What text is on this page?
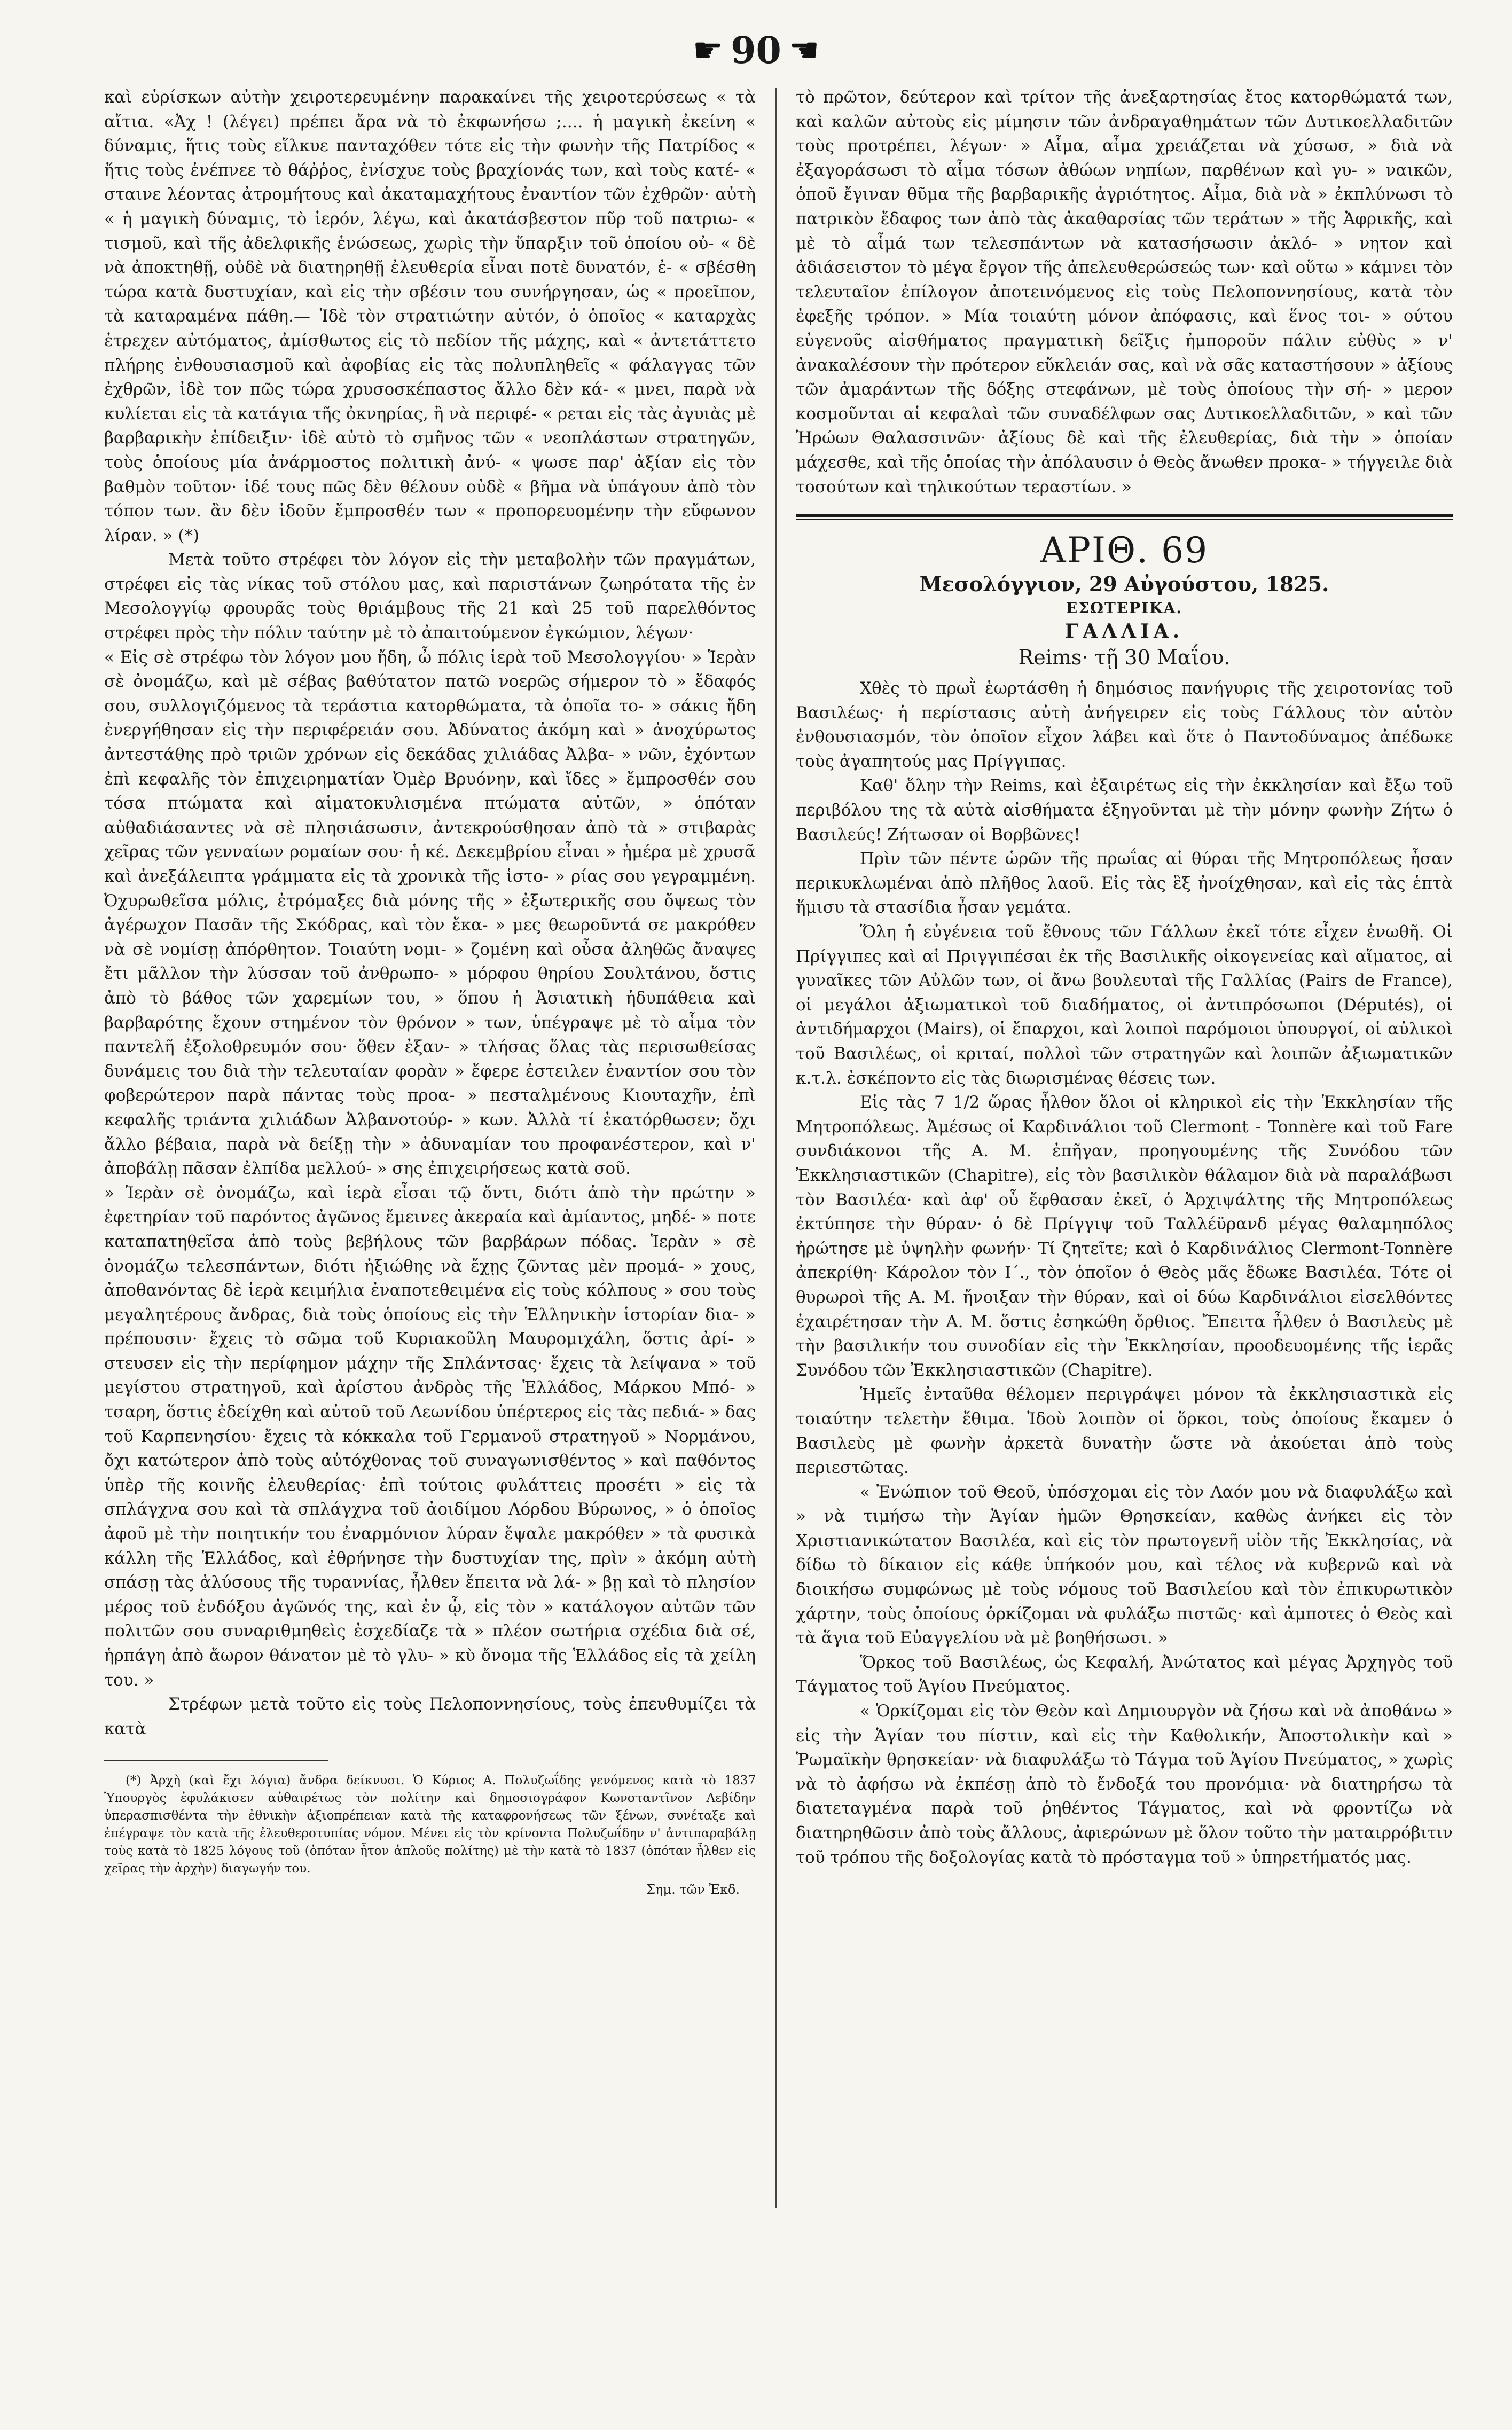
☛ 90 ☚

καὶ εὑρίσκων αὐτὴν χειροτερευμένην παρακαίνει τῆς χειροτερύσεως « τὰ αἴτια. «Ἀχ ! (λέγει) πρέπει ἄρα νὰ τὸ ἐκφωνήσω ;.... ἡ μαγικὴ ἐκείνη « δύναμις, ἥτις τοὺς εἵλκυε πανταχόθεν τότε εἰς τὴν φωνὴν τῆς Πατρίδος « ἥτις τοὺς ἐνέπνεε τὸ θάῤῥος, ἐνίσχυε τοὺς βραχίονάς των, καὶ τοὺς κατέ- « σταινε λέοντας ἀτρομήτους καὶ ἀκαταμαχήτους ἐναντίον τῶν ἐχθρῶν· αὐτὴ « ἡ μαγικὴ δύναμις, τὸ ἱερόν, λέγω, καὶ ἀκατάσβεστον πῦρ τοῦ πατριω- « τισμοῦ, καὶ τῆς ἀδελφικῆς ἑνώσεως, χωρὶς τὴν ὕπαρξιν τοῦ ὁποίου οὐ- « δὲ νὰ ἀποκτηθῇ, οὐδὲ νὰ διατηρηθῇ ἐλευθερία εἶναι ποτὲ δυνατόν, ἐ- « σβέσθη τώρα κατὰ δυστυχίαν, καὶ εἰς τὴν σβέσιν του συνήργησαν, ὡς « προεῖπον, τὰ καταραμένα πάθη.— Ἰδὲ τὸν στρατιώτην αὐτόν, ὁ ὁποῖος « καταρχὰς ἐτρεχεν αὐτόματος, ἀμίσθωτος εἰς τὸ πεδίον τῆς μάχης, καὶ « ἀντετάττετο πλήρης ἐνθουσιασμοῦ καὶ ἀφοβίας εἰς τὰς πολυπληθεῖς « φάλαγγας τῶν ἐχθρῶν, ἰδὲ τον πῶς τώρα χρυσοσκέπαστος ἄλλο δὲν κά- « μνει, παρὰ νὰ κυλίεται εἰς τὰ κατάγια τῆς ὀκνηρίας, ἢ νὰ περιφέ- « ρεται εἰς τὰς ἀγυιὰς μὲ βαρβαρικὴν ἐπίδειξιν· ἰδὲ αὐτὸ τὸ σμῆνος τῶν « νεοπλάστων στρατηγῶν, τοὺς ὁποίους μία ἀνάρμοστος πολιτικὴ ἀνύ- « ψωσε παρ' ἀξίαν εἰς τὸν βαθμὸν τοῦτον· ἰδέ τους πῶς δὲν θέλουν οὐδὲ « βῆμα νὰ ὑπάγουν ἀπὸ τὸν τόπον των. ἂν δὲν ἰδοῦν ἔμπροσθέν των « προπορευομένην τὴν εὔφωνον λίραν. » (*)

Μετὰ τοῦτο στρέφει τὸν λόγον εἰς τὴν μεταβολὴν τῶν πραγμάτων, στρέφει εἰς τὰς νίκας τοῦ στόλου μας, καὶ παριστάνων ζωηρότατα τῆς ἐν Μεσολογγίῳ φρουρᾶς τοὺς θριάμβους τῆς 21 καὶ 25 τοῦ παρελθόντος στρέφει πρὸς τὴν πόλιν ταύτην μὲ τὸ ἀπαιτούμενον ἐγκώμιον, λέγων·

« Εἰς σὲ στρέφω τὸν λόγον μου ἤδη, ὦ πόλις ἱερὰ τοῦ Μεσολογγίου· » Ἱερὰν σὲ ὀνομάζω, καὶ μὲ σέβας βαθύτατον πατῶ νοερῶς σήμερον τὸ » ἔδαφός σου, συλλογιζόμενος τὰ τεράστια κατορθώματα, τὰ ὁποῖα το- » σάκις ἤδη ἐνεργήθησαν εἰς τὴν περιφέρειάν σου. Ἀδύνατος ἀκόμη καὶ » ἀνοχύρωτος ἀντεστάθης πρὸ τριῶν χρόνων εἰς δεκάδας χιλιάδας Ἀλβα- » νῶν, ἐχόντων ἐπὶ κεφαλῆς τὸν ἐπιχειρηματίαν Ὀμὲρ Βρυόνην, καὶ ἴδες » ἔμπροσθέν σου τόσα πτώματα καὶ αἱματοκυλισμένα πτώματα αὐτῶν, » ὁπόταν αὐθαδιάσαντες νὰ σὲ πλησιάσωσιν, ἀντεκρούσθησαν ἀπὸ τὰ » στιβαρὰς χεῖρας τῶν γενναίων ρομαίων σου· ἡ κέ. Δεκεμβρίου εἶναι » ἡμέρα μὲ χρυσᾶ καὶ ἀνεξάλειπτα γράμματα εἰς τὰ χρονικὰ τῆς ἱστο- » ρίας σου γεγραμμένη. Ὀχυρωθεῖσα μόλις, ἐτρόμαξες διὰ μόνης τῆς » ἐξωτερικῆς σου ὄψεως τὸν ἀγέρωχον Πασᾶν τῆς Σκόδρας, καὶ τὸν ἔκα- » μες θεωροῦντά σε μακρόθεν νὰ σὲ νομίσῃ ἀπόρθητον. Τοιαύτη νομι- » ζομένη καὶ οὖσα ἀληθῶς ἄναψες ἔτι μᾶλλον τὴν λύσσαν τοῦ ἀνθρωπο- » μόρφου θηρίου Σουλτάνου, ὅστις ἀπὸ τὸ βάθος τῶν χαρεμίων του, » ὅπου ἡ Ἀσιατικὴ ἡδυπάθεια καὶ βαρβαρότης ἔχουν στημένον τὸν θρόνον » των, ὑπέγραψε μὲ τὸ αἷμα τὸν παντελῆ ἐξολοθρευμόν σου· ὅθεν ἐξαν- » τλήσας ὅλας τὰς περισωθείσας δυνάμεις του διὰ τὴν τελευταίαν φορὰν » ἔφερε ἐστειλεν ἐναντίον σου τὸν φοβερώτερον παρὰ πάντας τοὺς προα- » πεσταλμένους Κιουταχῆν, ἐπὶ κεφαλῆς τριάντα χιλιάδων Ἀλβανοτούρ- » κων. Ἀλλὰ τί ἐκατόρθωσεν; ὄχι ἄλλο βέβαια, παρὰ νὰ δείξῃ τὴν » ἀδυναμίαν του προφανέστερον, καὶ ν' ἀποβάλῃ πᾶσαν ἐλπίδα μελλού- » σης ἐπιχειρήσεως κατὰ σοῦ.

» Ἱερὰν σὲ ὀνομάζω, καὶ ἱερὰ εἶσαι τῷ ὄντι, διότι ἀπὸ τὴν πρώτην » ἐφετηρίαν τοῦ παρόντος ἀγῶνος ἔμεινες ἀκεραία καὶ ἀμίαντος, μηδέ- » ποτε καταπατηθεῖσα ἀπὸ τοὺς βεβήλους τῶν βαρβάρων πόδας. Ἱερὰν » σὲ ὀνομάζω τελεσπάντων, διότι ἠξιώθης νὰ ἔχῃς ζῶντας μὲν προμά- » χους, ἀποθανόντας δὲ ἱερὰ κειμήλια ἐναποτεθειμένα εἰς τοὺς κόλπους » σου τοὺς μεγαλητέρους ἄνδρας, διὰ τοὺς ὁποίους εἰς τὴν Ἑλληνικὴν ἱστορίαν δια- » πρέπουσιν· ἔχεις τὸ σῶμα τοῦ Κυριακοῦλη Μαυρομιχάλη, ὅστις ἀρί- » στευσεν εἰς τὴν περίφημον μάχην τῆς Σπλάντσας· ἔχεις τὰ λείψανα » τοῦ μεγίστου στρατηγοῦ, καὶ ἀρίστου ἀνδρὸς τῆς Ἑλλάδος, Μάρκου Μπό- » τσαρη, ὅστις ἐδείχθη καὶ αὐτοῦ τοῦ Λεωνίδου ὑπέρτερος εἰς τὰς πεδιά- » δας τοῦ Καρπενησίου· ἔχεις τὰ κόκκαλα τοῦ Γερμανοῦ στρατηγοῦ » Νορμάνου, ὄχι κατώτερον ἀπὸ τοὺς αὐτόχθονας τοῦ συναγωνισθέντος » καὶ παθόντος ὑπὲρ τῆς κοινῆς ἐλευθερίας· ἐπὶ τούτοις φυλάττεις προσέτι » εἰς τὰ σπλάγχνα σου καὶ τὰ σπλάγχνα τοῦ ἀοιδίμου Λόρδου Βύρωνος, » ὁ ὁποῖος ἀφοῦ μὲ τὴν ποιητικήν του ἐναρμόνιον λύραν ἔψαλε μακρόθεν » τὰ φυσικὰ κάλλη τῆς Ἑλλάδος, καὶ ἐθρήνησε τὴν δυστυχίαν της, πρὶν » ἀκόμη αὐτὴ σπάσῃ τὰς ἁλύσους τῆς τυραννίας, ἦλθεν ἔπειτα νὰ λά- » βῃ καὶ τὸ πλησίον μέρος τοῦ ἐνδόξου ἀγῶνός της, καὶ ἐν ᾧ, εἰς τὸν » κατάλογον αὐτῶν τῶν πολιτῶν σου συναριθμηθεὶς ἐσχεδίαζε τὰ » πλέον σωτήρια σχέδια διὰ σέ, ἡρπάγη ἀπὸ ἄωρον θάνατον μὲ τὸ γλυ- » κὺ ὄνομα τῆς Ἑλλάδος εἰς τὰ χείλη του. »

Στρέφων μετὰ τοῦτο εἰς τοὺς Πελοποννησίους, τοὺς ἐπευθυμίζει τὰ κατὰ

(*) Ἀρχὴ (καὶ ἔχι λόγια) ἄνδρα δείκνυσι. Ὁ Κύριος Α. Πολυζωΐδης γενόμενος κατὰ τὸ 1837 Ὑπουργὸς ἐφυλάκισεν αὐθαιρέτως τὸν πολίτην καὶ δημοσιογράφον Κωνσταντῖνον Λεβίδην ὑπερασπισθέντα τὴν ἐθνικὴν ἀξιοπρέπειαν κατὰ τῆς καταφρονήσεως τῶν ξένων, συνέταξε καὶ ἐπέγραψε τὸν κατὰ τῆς ἐλευθεροτυπίας νόμον. Μένει εἰς τὸν κρίνοντα Πολυζωΐδην ν' ἀντιπαραβάλῃ τοὺς κατὰ τὸ 1825 λόγους τοῦ (ὁπόταν ἦτον ἁπλοῦς πολίτης) μὲ τὴν κατὰ τὸ 1837 (ὁπόταν ἦλθεν εἰς χεῖρας τὴν ἀρχὴν) διαγωγήν του.

Σημ. τῶν Ἐκδ.

τὸ πρῶτον, δεύτερον καὶ τρίτον τῆς ἀνεξαρτησίας ἔτος κατορθώματά των, καὶ καλῶν αὐτοὺς εἰς μίμησιν τῶν ἀνδραγαθημάτων τῶν Δυτικοελλαδιτῶν τοὺς προτρέπει, λέγων· » Αἷμα, αἷμα χρειάζεται νὰ χύσωσ, » διὰ νὰ ἐξαγοράσωσι τὸ αἷμα τόσων ἀθώων νηπίων, παρθένων καὶ γυ- » ναικῶν, ὁποῦ ἔγιναν θῦμα τῆς βαρβαρικῆς ἀγριότητος. Αἷμα, διὰ νὰ » ἐκπλύνωσι τὸ πατρικὸν ἔδαφος των ἀπὸ τὰς ἀκαθαρσίας τῶν τεράτων » τῆς Ἀφρικῆς, καὶ μὲ τὸ αἷμά των τελεσπάντων νὰ κατασήσωσιν ἀκλό- » νητον καὶ ἀδιάσειστον τὸ μέγα ἔργον τῆς ἀπελευθερώσεώς των· καὶ οὕτω » κάμνει τὸν τελευταῖον ἐπίλογον ἀποτεινόμενος εἰς τοὺς Πελοποννησίους, κατὰ τὸν ἐφεξῆς τρόπον. » Μία τοιαύτη μόνον ἀπόφασις, καὶ ἕνος τοι- » ούτου εὐγενοῦς αἰσθήματος πραγματικὴ δεῖξις ἠμποροῦν πάλιν εὐθὺς » ν' ἀνακαλέσουν τὴν πρότερον εὔκλειάν σας, καὶ νὰ σᾶς καταστήσουν » ἀξίους τῶν ἀμαράντων τῆς δόξης στεφάνων, μὲ τοὺς ὁποίους τὴν σή- » μερον κοσμοῦνται αἱ κεφαλαὶ τῶν συναδέλφων σας Δυτικοελλαδιτῶν, » καὶ τῶν Ἡρώων Θαλασσινῶν· ἀξίους δὲ καὶ τῆς ἐλευθερίας, διὰ τὴν » ὁποίαν μάχεσθε, καὶ τῆς ὁποίας τὴν ἀπόλαυσιν ὁ Θεὸς ἄνωθεν προκα- » τήγγειλε διὰ τοσούτων καὶ τηλικούτων τεραστίων. »

ΑΡΙΘ. 69

Μεσολόγγιον, 29 Αὐγούστου, 1825.

ΕΣΩΤΕΡΙΚΑ.

ΓΑΛΛΙΑ.

Reims· τῇ 30 Μαΐου.

Χθὲς τὸ πρωῒ ἑωρτάσθη ἡ δημόσιος πανήγυρις τῆς χειροτονίας τοῦ Βασιλέως· ἡ περίστασις αὐτὴ ἀνήγειρεν εἰς τοὺς Γάλλους τὸν αὐτὸν ἐνθουσιασμόν, τὸν ὁποῖον εἶχον λάβει καὶ ὅτε ὁ Παντοδύναμος ἀπέδωκε τοὺς ἀγαπητούς μας Πρίγγιπας.

Καθ' ὅλην τὴν Reims, καὶ ἐξαιρέτως εἰς τὴν ἐκκλησίαν καὶ ἔξω τοῦ περιβόλου της τὰ αὐτὰ αἰσθήματα ἐξηγοῦνται μὲ τὴν μόνην φωνὴν Ζήτω ὁ Βασιλεύς! Ζήτωσαν οἱ Βορβῶνες!

Πρὶν τῶν πέντε ὡρῶν τῆς πρωΐας αἱ θύραι τῆς Μητροπόλεως ἦσαν περικυκλωμέναι ἀπὸ πλῆθος λαοῦ. Εἰς τὰς ἓξ ἠνοίχθησαν, καὶ εἰς τὰς ἑπτὰ ἥμισυ τὰ στασίδια ἦσαν γεμάτα.

Ὅλη ἡ εὐγένεια τοῦ ἔθνους τῶν Γάλλων ἐκεῖ τότε εἶχεν ἑνωθῆ. Οἱ Πρίγγιπες καὶ αἱ Πριγγιπέσαι ἐκ τῆς Βασιλικῆς οἰκογενείας καὶ αἵματος, αἱ γυναῖκες τῶν Αὐλῶν των, οἱ ἄνω βουλευταὶ τῆς Γαλλίας (Pairs de France), οἱ μεγάλοι ἀξιωματικοὶ τοῦ διαδήματος, οἱ ἀντιπρόσωποι (Députés), οἱ ἀντιδήμαρχοι (Mairs), οἱ ἔπαρχοι, καὶ λοιποὶ παρόμοιοι ὑπουργοί, οἱ αὐλικοὶ τοῦ Βασιλέως, οἱ κριταί, πολλοὶ τῶν στρατηγῶν καὶ λοιπῶν ἀξιωματικῶν κ.τ.λ. ἐσκέποντο εἰς τὰς διωρισμένας θέσεις των.

Εἰς τὰς 7 1/2 ὥρας ἦλθον ὅλοι οἱ κληρικοὶ εἰς τὴν Ἐκκλησίαν τῆς Μητροπόλεως. Ἀμέσως οἱ Καρδινάλιοι τοῦ Clermont - Tonnère καὶ τοῦ Fare συνδιάκονοι τῆς Α. Μ. ἐπῆγαν, προηγουμένης τῆς Συνόδου τῶν Ἐκκλησιαστικῶν (Chapitre), εἰς τὸν βασιλικὸν θάλαμον διὰ νὰ παραλάβωσι τὸν Βασιλέα· καὶ ἀφ' οὗ ἔφθασαν ἐκεῖ, ὁ Ἀρχιψάλτης τῆς Μητροπόλεως ἐκτύπησε τὴν θύραν· ὁ δὲ Πρίγγιψ τοῦ Ταλλέϋρανδ μέγας θαλαμηπόλος ἠρώτησε μὲ ὑψηλὴν φωνήν· Τί ζητεῖτε; καὶ ὁ Καρδινάλιος Clermont-Tonnère ἀπεκρίθη· Κάρολον τὸν Ι΄., τὸν ὁποῖον ὁ Θεὸς μᾶς ἔδωκε Βασιλέα. Τότε οἱ θυρωροὶ τῆς Α. Μ. ἤνοιξαν τὴν θύραν, καὶ οἱ δύω Καρδινάλιοι εἰσελθόντες ἐχαιρέτησαν τὴν Α. Μ. ὅστις ἐσηκώθη ὄρθιος. Ἔπειτα ἦλθεν ὁ Βασιλεὺς μὲ τὴν βασιλικήν του συνοδίαν εἰς τὴν Ἐκκλησίαν, προοδευομένης τῆς ἱερᾶς Συνόδου τῶν Ἐκκλησιαστικῶν (Chapitre).

Ἡμεῖς ἐνταῦθα θέλομεν περιγράψει μόνον τὰ ἐκκλησιαστικὰ εἰς τοιαύτην τελετὴν ἔθιμα. Ἰδοὺ λοιπὸν οἱ ὅρκοι, τοὺς ὁποίους ἔκαμεν ὁ Βασιλεὺς μὲ φωνὴν ἀρκετὰ δυνατὴν ὥστε νὰ ἀκούεται ἀπὸ τοὺς περιεστῶτας.

« Ἐνώπιον τοῦ Θεοῦ, ὑπόσχομαι εἰς τὸν Λαόν μου νὰ διαφυλάξω καὶ » νὰ τιμήσω τὴν Ἁγίαν ἡμῶν Θρησκείαν, καθὼς ἀνήκει εἰς τὸν Χριστιανικώτατον Βασιλέα, καὶ εἰς τὸν πρωτογενῆ υἱὸν τῆς Ἐκκλησίας, νὰ δίδω τὸ δίκαιον εἰς κάθε ὑπήκοόν μου, καὶ τέλος νὰ κυβερνῶ καὶ νὰ διοικήσω συμφώνως μὲ τοὺς νόμους τοῦ Βασιλείου καὶ τὸν ἐπικυρωτικὸν χάρτην, τοὺς ὁποίους ὁρκίζομαι νὰ φυλάξω πιστῶς· καὶ ἀμποτες ὁ Θεὸς καὶ τὰ ἅγια τοῦ Εὐαγγελίου νὰ μὲ βοηθήσωσι. »

Ὅρκος τοῦ Βασιλέως, ὡς Κεφαλή, Ἀνώτατος καὶ μέγας Ἀρχηγὸς τοῦ Τάγματος τοῦ Ἁγίου Πνεύματος.

« Ὁρκίζομαι εἰς τὸν Θεὸν καὶ Δημιουργὸν νὰ ζήσω καὶ νὰ ἀποθάνω » εἰς τὴν Ἁγίαν του πίστιν, καὶ εἰς τὴν Καθολικήν, Ἀποστολικὴν καὶ » Ῥωμαϊκὴν θρησκείαν· νὰ διαφυλάξω τὸ Τάγμα τοῦ Ἁγίου Πνεύματος, » χωρὶς νὰ τὸ ἀφήσω νὰ ἐκπέσῃ ἀπὸ τὸ ἔνδοξά του προνόμια· νὰ διατηρήσω τὰ διατεταγμένα παρὰ τοῦ ῥηθέντος Τάγματος, καὶ νὰ φροντίζω νὰ διατηρηθῶσιν ἀπὸ τοὺς ἄλλους, ἀφιερώνων μὲ ὅλον τοῦτο τὴν ματαιρρόβιτιν τοῦ τρόπου τῆς δοξολογίας κατὰ τὸ πρόσταγμα τοῦ » ὑπηρετήματός μας.
